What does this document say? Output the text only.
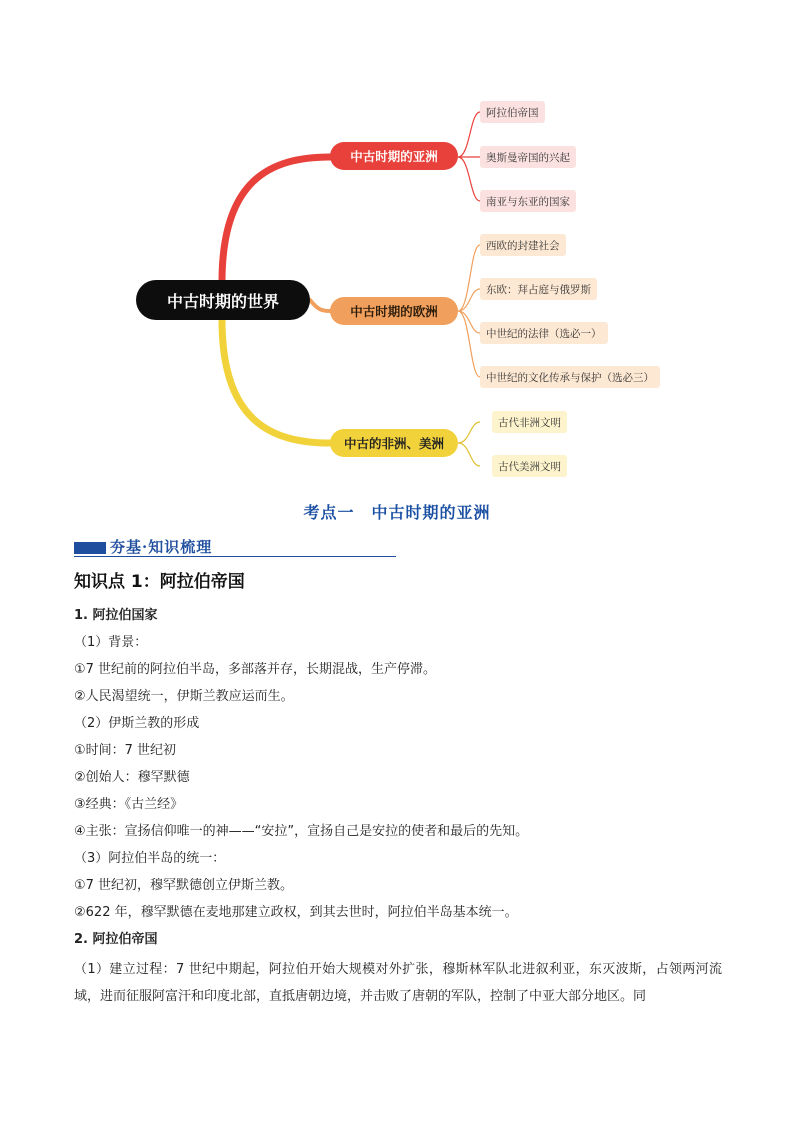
中古时期的世界
中古时期的亚洲
中古时期的欧洲
中古的非洲、美洲
阿拉伯帝国
奥斯曼帝国的兴起
南亚与东亚的国家
西欧的封建社会
东欧：拜占庭与俄罗斯
中世纪的法律（选必一）
中世纪的文化传承与保护（选必三）
古代非洲文明
古代美洲文明
考点一　中古时期的亚洲
夯基·知识梳理
知识点 1：阿拉伯帝国
1. 阿拉伯国家
（1）背景：
①7 世纪前的阿拉伯半岛，多部落并存，长期混战，生产停滞。
②人民渴望统一，伊斯兰教应运而生。
（2）伊斯兰教的形成
①时间：7 世纪初
②创始人：穆罕默德
③经典：《古兰经》
④主张：宣扬信仰唯一的神——“安拉”，宣扬自己是安拉的使者和最后的先知。
（3）阿拉伯半岛的统一：
①7 世纪初，穆罕默德创立伊斯兰教。
②622 年，穆罕默德在麦地那建立政权，到其去世时，阿拉伯半岛基本统一。
2. 阿拉伯帝国
（1）建立过程：7 世纪中期起，阿拉伯开始大规模对外扩张，穆斯林军队北进叙利亚，东灭波斯，占领两河流域，进而征服阿富汗和印度北部，直抵唐朝边境，并击败了唐朝的军队，控制了中亚大部分地区。同
